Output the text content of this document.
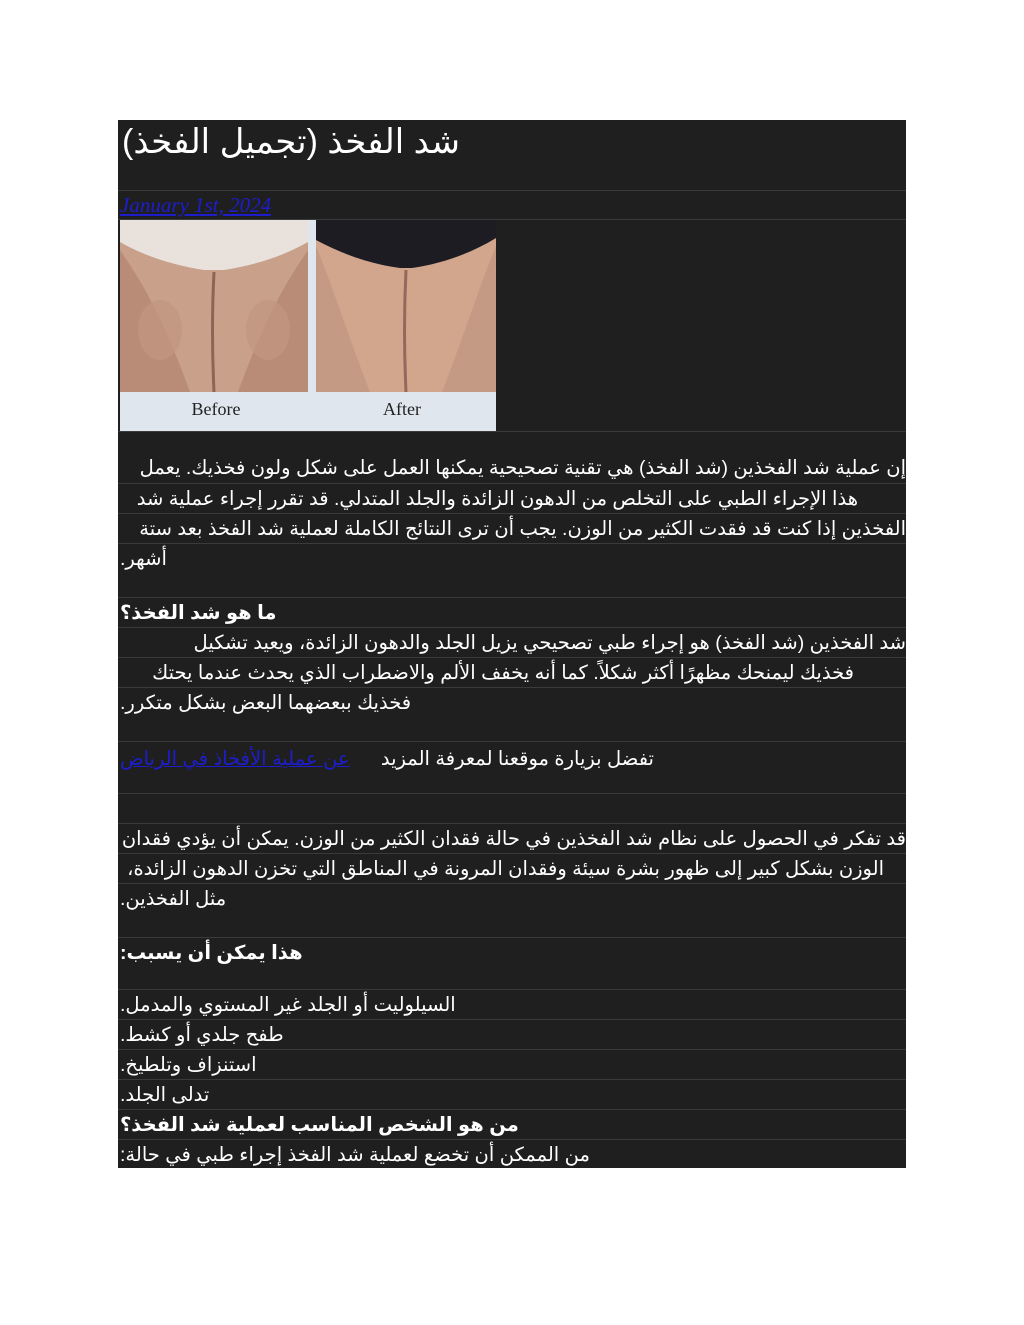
شد الفخذ (تجميل الفخذ)
January 1st, 2024
Before	After
إن عملية شد الفخذين (شد الفخذ) هي تقنية تصحيحية يمكنها العمل على شكل ولون فخذيك. يعمل
هذا الإجراء الطبي على التخلص من الدهون الزائدة والجلد المتدلي. قد تقرر إجراء عملية شد
الفخذين إذا كنت قد فقدت الكثير من الوزن. يجب أن ترى النتائج الكاملة لعملية شد الفخذ بعد ستة
أشهر.
ما هو شد الفخذ؟
شد الفخذين (شد الفخذ) هو إجراء طبي تصحيحي يزيل الجلد والدهون الزائدة، ويعيد تشكيل
فخذيك ليمنحك مظهرًا أكثر شكلاً. كما أنه يخفف الألم والاضطراب الذي يحدث عندما يحتك
فخذيك ببعضهما البعض بشكل متكرر.
تفضل بزيارة موقعنا لمعرفة المزيد
عن عملية الأفخاذ في الرياض
قد تفكر في الحصول على نظام شد الفخذين في حالة فقدان الكثير من الوزن. يمكن أن يؤدي فقدان
الوزن بشكل كبير إلى ظهور بشرة سيئة وفقدان المرونة في المناطق التي تخزن الدهون الزائدة،
مثل الفخذين.
هذا يمكن أن يسبب:
السيلوليت أو الجلد غير المستوي والمدمل.
طفح جلدي أو كشط.
استنزاف وتلطيخ.
تدلى الجلد.
من هو الشخص المناسب لعملية شد الفخذ؟
من الممكن أن تخضع لعملية شد الفخذ إجراء طبي في حالة:
